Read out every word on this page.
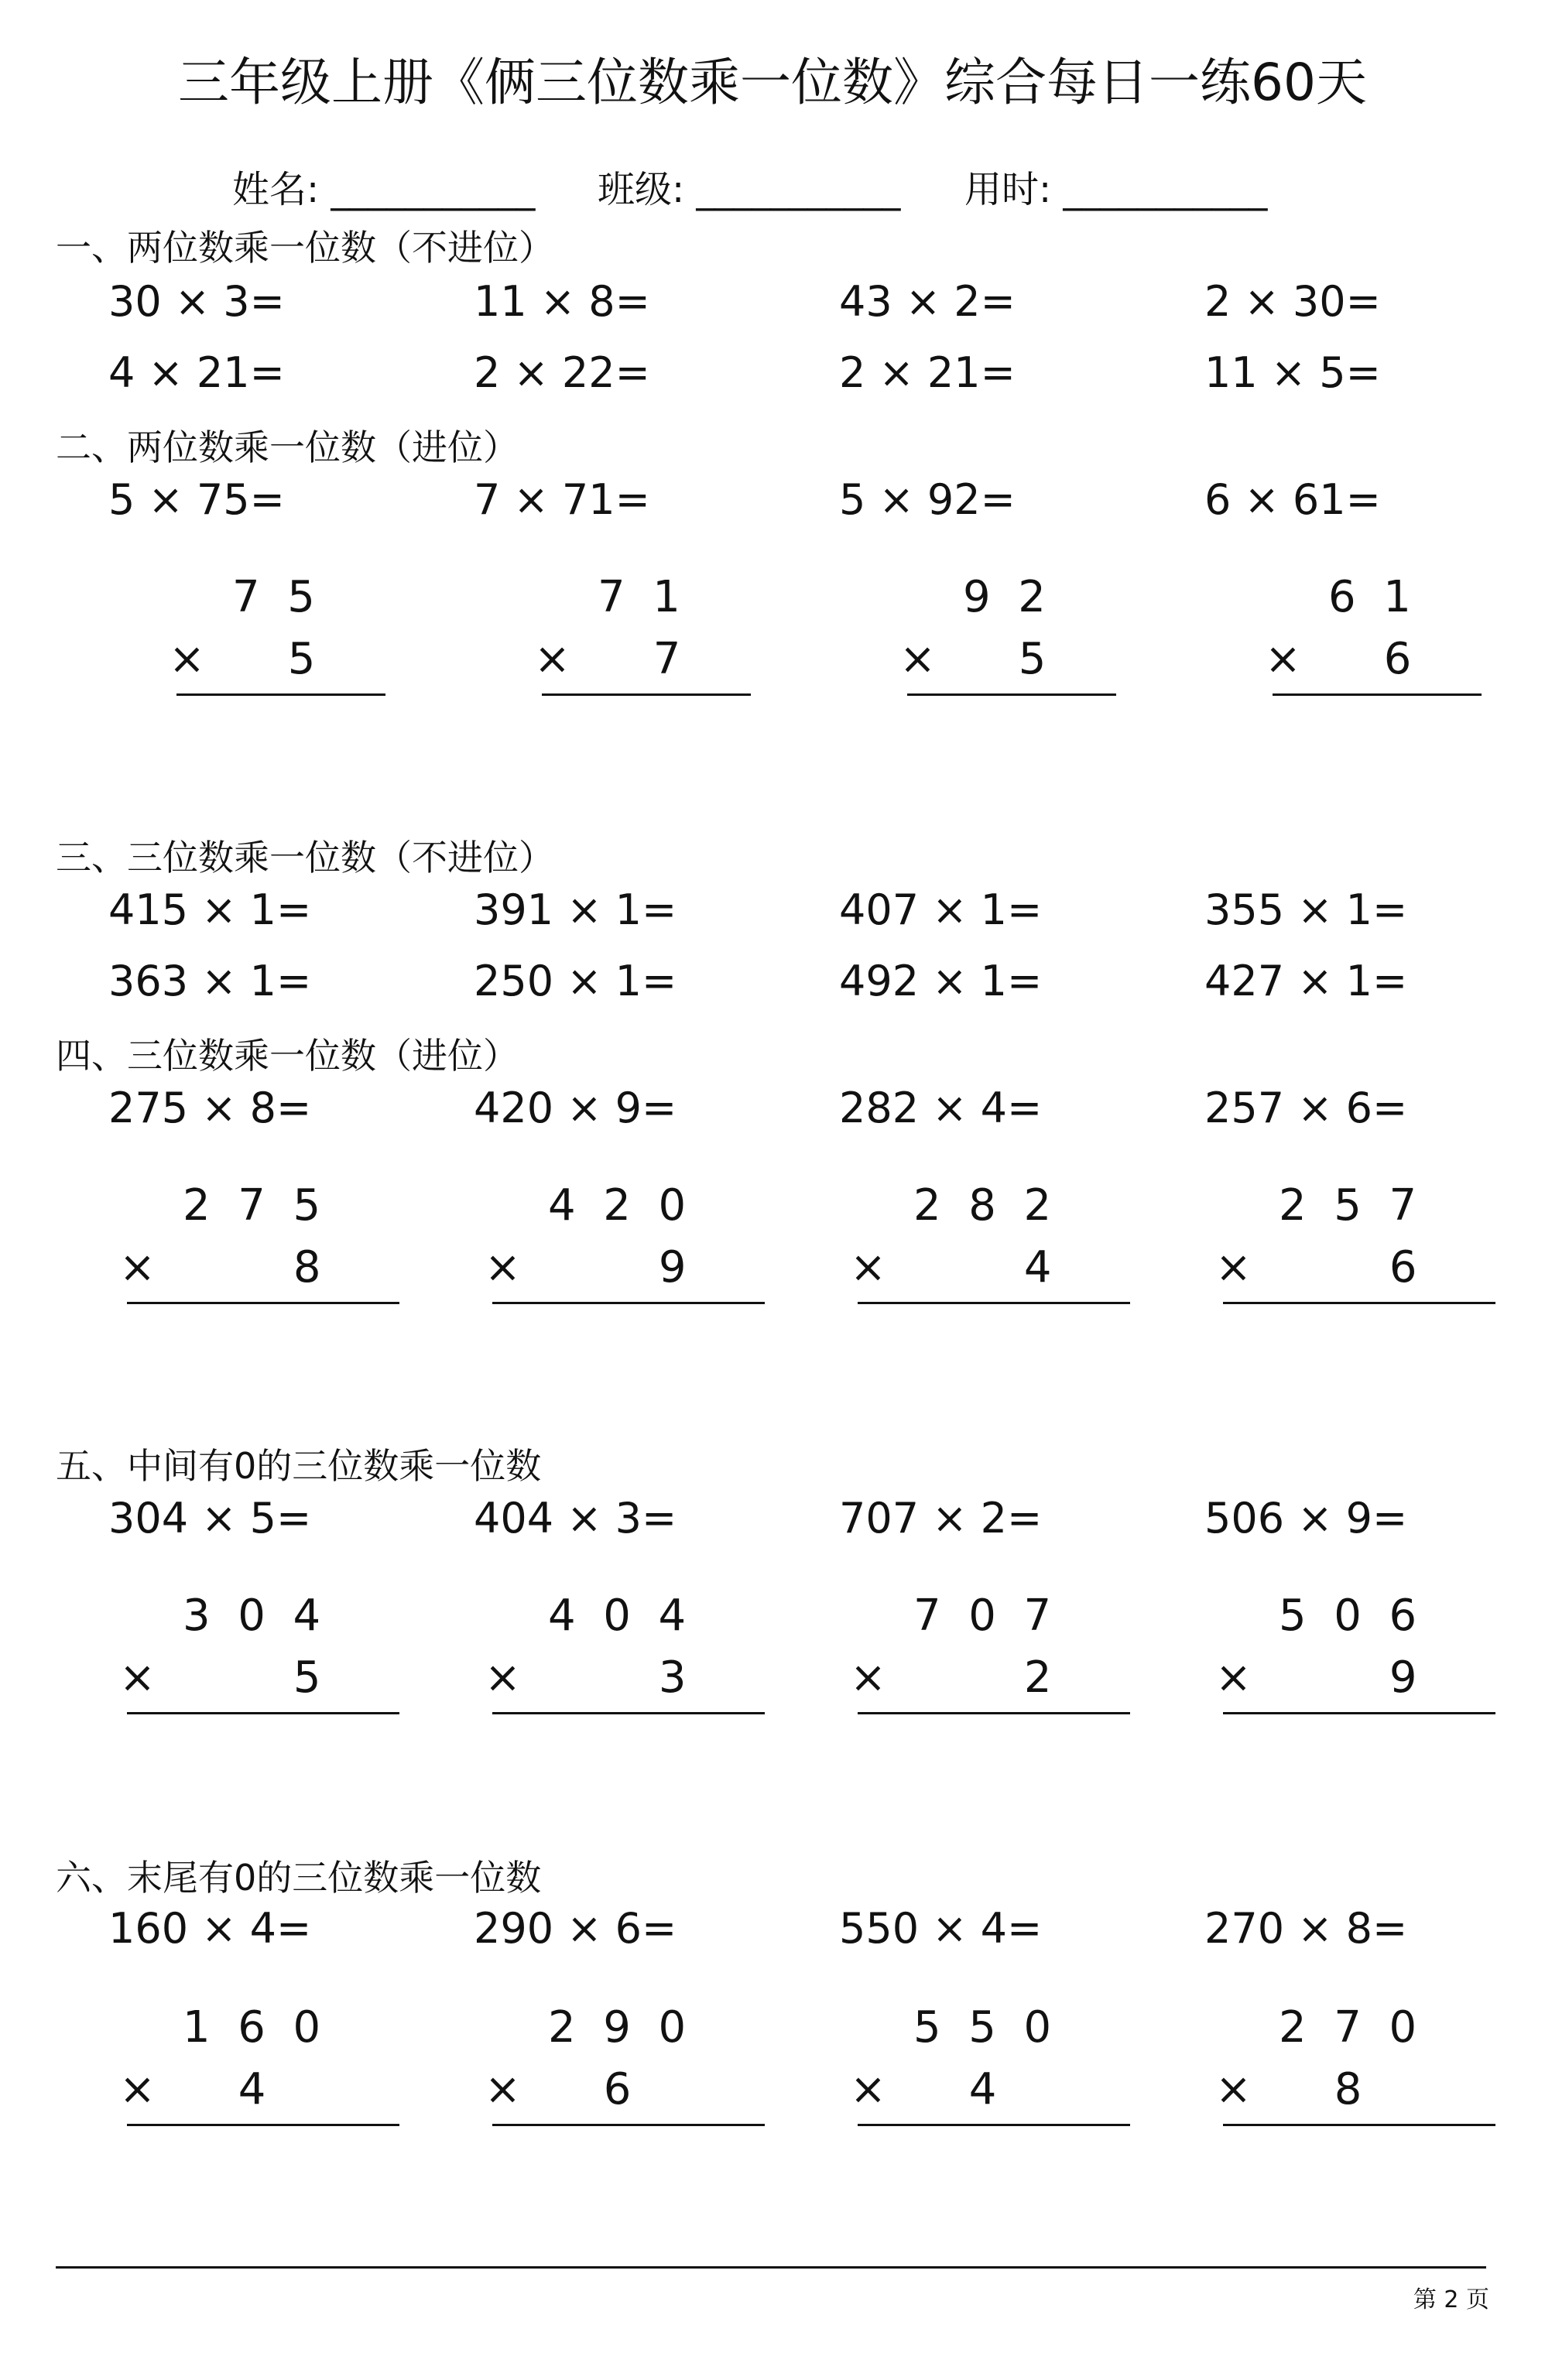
三年级上册《俩三位数乘一位数》综合每日一练60天
姓名: ___________ 班级: ___________ 用时: ___________
一、两位数乘一位数（不进位）
30 × 3=	11 × 8=	43 × 2=	2 × 30=
4 × 21=	2 × 22=	2 × 21=	11 × 5=
二、两位数乘一位数（进位）
5 × 75=	7 × 71=	5 × 92=	6 × 61=
7  5
×      5
7  1
×      7
9  2
×      5
6  1
×      6
三、三位数乘一位数（不进位）
415 × 1=	391 × 1=	407 × 1=	355 × 1=
363 × 1=	250 × 1=	492 × 1=	427 × 1=
四、三位数乘一位数（进位）
275 × 8=	420 × 9=	282 × 4=	257 × 6=
2  7  5
×          8
4  2  0
×          9
2  8  2
×          4
2  5  7
×          6
五、中间有0的三位数乘一位数
304 × 5=	404 × 3=	707 × 2=	506 × 9=
3  0  4
×          5
4  0  4
×          3
7  0  7
×          2
5  0  6
×          9
六、末尾有0的三位数乘一位数
160 × 4=	290 × 6=	550 × 4=	270 × 8=
1  6  0
×      4
2  9  0
×      6
5  5  0
×      4
2  7  0
×      8
第 2 页
